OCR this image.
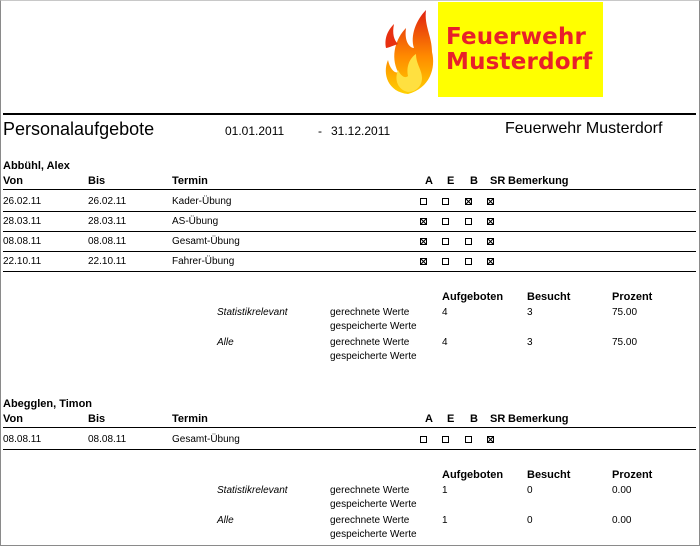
Feuerwehr
Musterdorf
Personalaufgebote	01.01.2011	- 31.12.2011	Feuerwehr Musterdorf
Abbühl, Alex
Von	Bis	Termin	A E B SR Bemerkung
26.02.11	26.02.11	Kader-Übung
28.03.11	28.03.11	AS-Übung
08.08.11	08.08.11	Gesamt-Übung
22.10.11	22.10.11	Fahrer-Übung
Aufgeboten Besucht	Prozent
Statistikrelevant	gerechnete Werte
gespeicherte Werte
4	3	75.00
Alle	gerechnete Werte
gespeicherte Werte
4	3	75.00
Abegglen, Timon
Von	Bis	Termin	A E B SR Bemerkung
08.08.11	08.08.11	Gesamt-Übung
Aufgeboten Besucht	Prozent
Statistikrelevant	gerechnete Werte
gespeicherte Werte
1	0	0.00
Alle	gerechnete Werte
gespeicherte Werte
1	0	0.00
